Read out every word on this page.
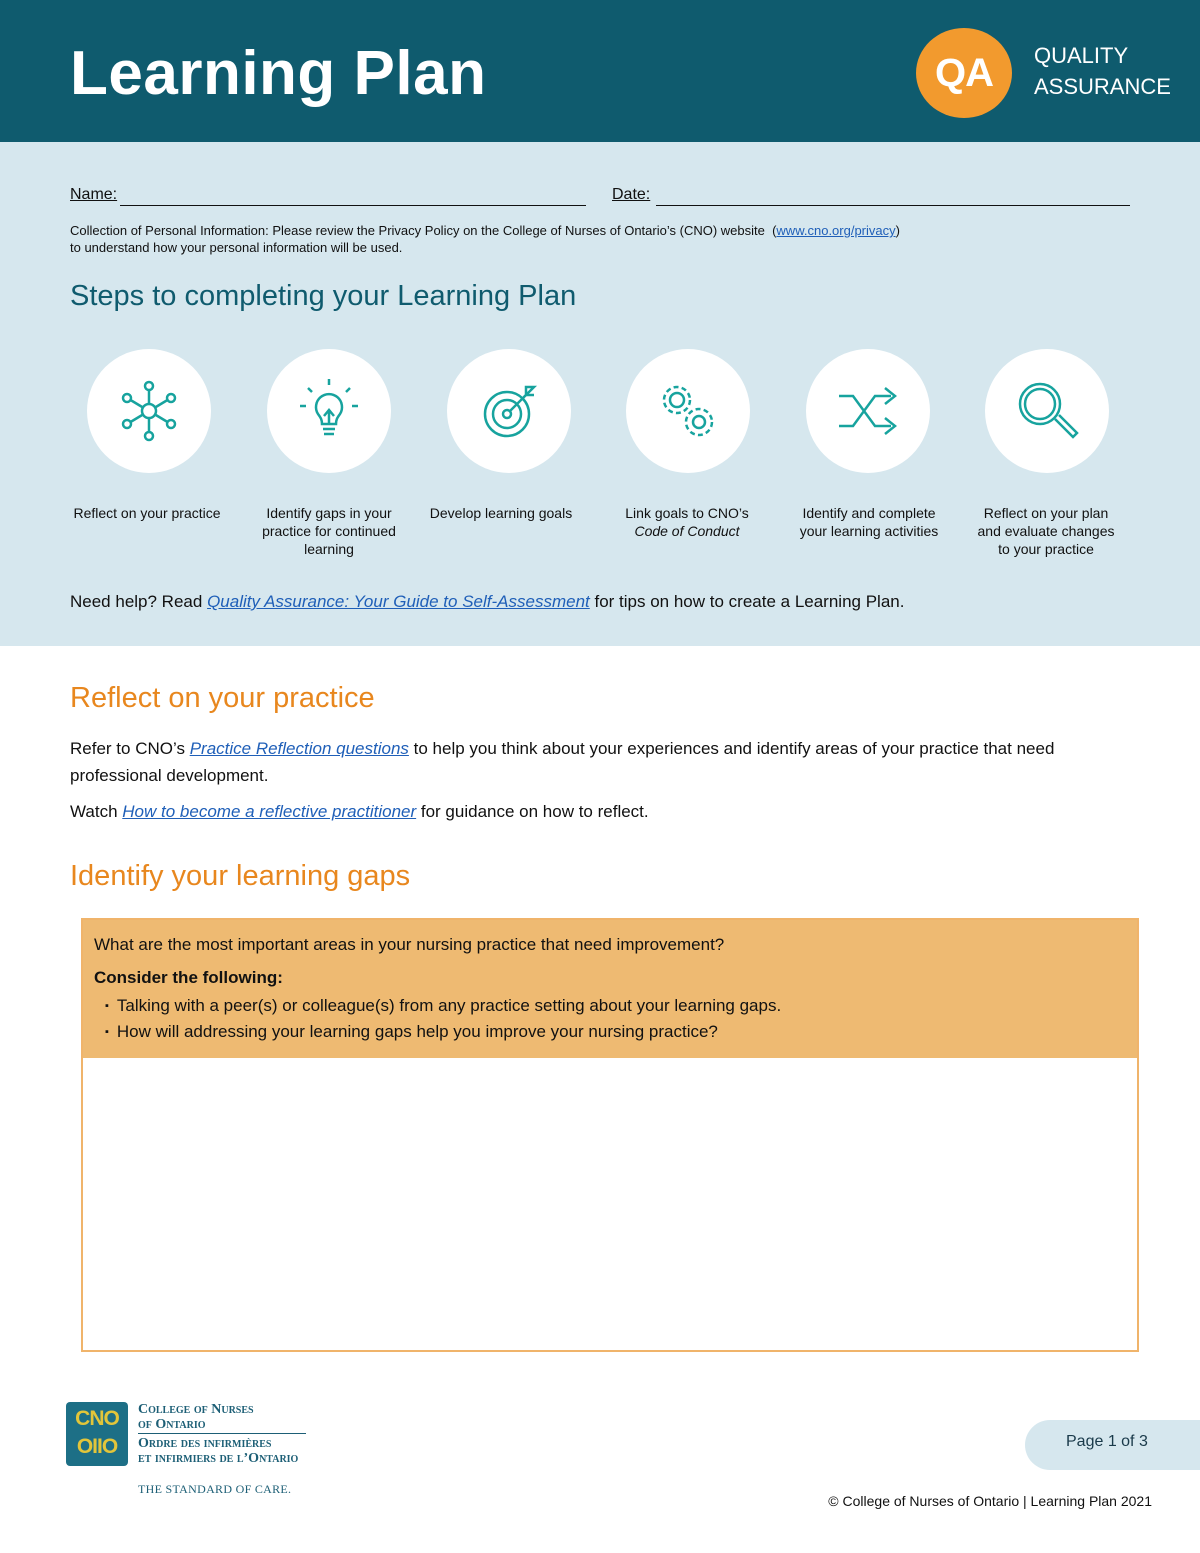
Learning Plan	QA	QUALITY
ASSURANCE
Name:	Date:
Collection of Personal Information: Please review the Privacy Policy on the College of Nurses of Ontario’s (CNO) website  (www.cno.org/privacy)
to understand how your personal information will be used.
Steps to completing your Learning Plan
Reflect on your practice	Identify gaps in your practice for continued learning
Develop learning goals	Link goals to CNO’s
Code of Conduct
Identify and complete your learning activities
Reflect on your plan and evaluate changes to your practice
Need help? Read Quality Assurance: Your Guide to Self-Assessment for tips on how to create a Learning Plan.
Reflect on your practice
Refer to CNO’s Practice Reflection questions to help you think about your experiences and identify areas of your practice that need professional development.
Watch How to become a reflective practitioner for guidance on how to reflect.
Identify your learning gaps
What are the most important areas in your nursing practice that need improvement?
Consider the following:
▪ Talking with a peer(s) or colleague(s) from any practice setting about your learning gaps.
▪ How will addressing your learning gaps help you improve your nursing practice?
CNO
OIIO
College of Nurses
of Ontario
Ordre des infirmières
et infirmiers de l’Ontario
THE STANDARD OF CARE.
Page 1 of 3
© College of Nurses of Ontario | Learning Plan 2021
